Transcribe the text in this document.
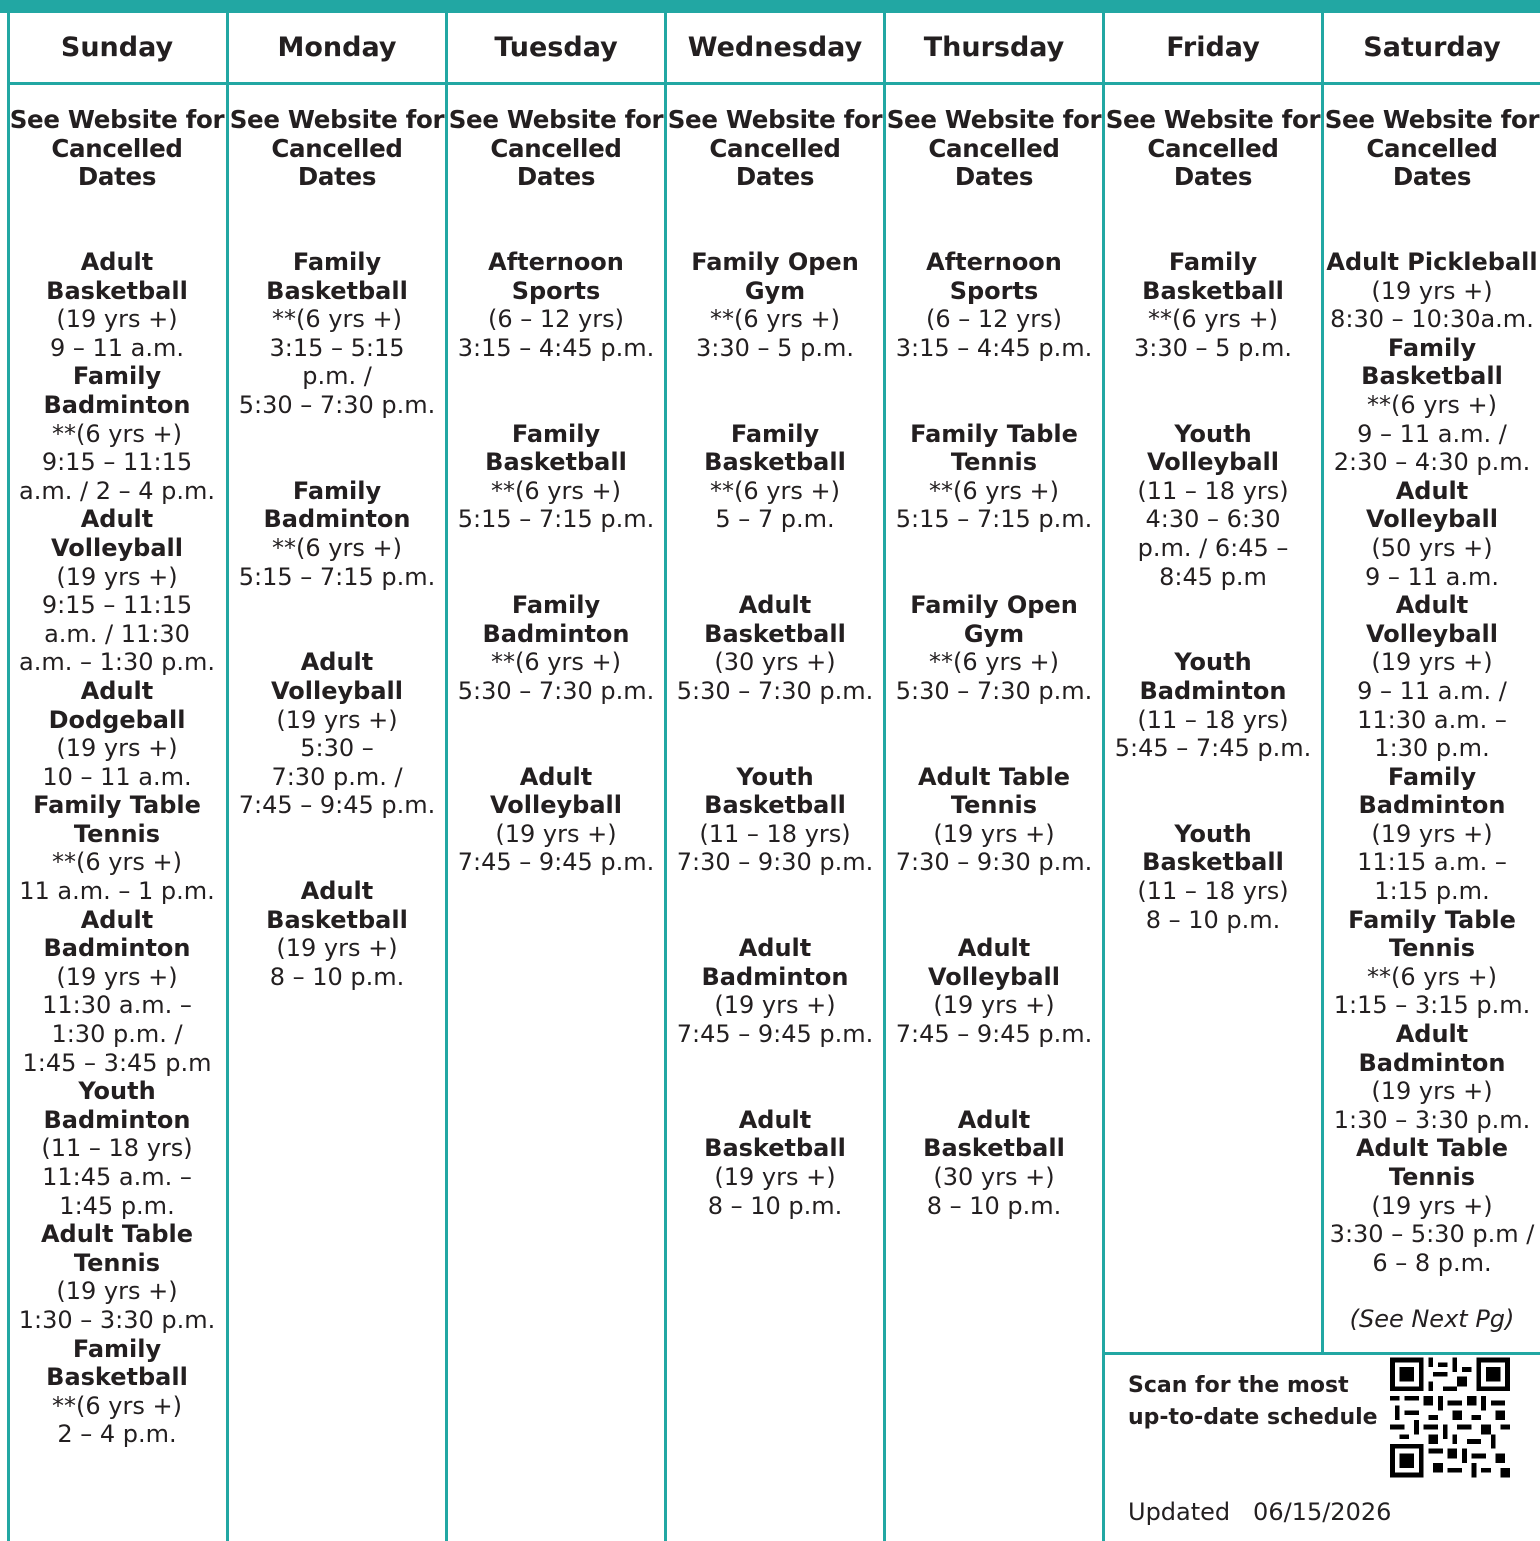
Sunday
See Website for
Cancelled
Dates
Adult
Basketball
(19 yrs +)
9 – 11 a.m.
Family
Badminton
**(6 yrs +)
9:15 – 11:15
a.m. / 2 – 4 p.m.
Adult
Volleyball
(19 yrs +)
9:15 – 11:15
a.m. / 11:30
a.m. – 1:30 p.m.
Adult
Dodgeball
(19 yrs +)
10 – 11 a.m.
Family Table
Tennis
**(6 yrs +)
11 a.m. – 1 p.m.
Adult
Badminton
(19 yrs +)
11:30 a.m. –
1:30 p.m. /
1:45 – 3:45 p.m
Youth
Badminton
(11 – 18 yrs)
11:45 a.m. –
1:45 p.m.
Adult Table
Tennis
(19 yrs +)
1:30 – 3:30 p.m.
Family
Basketball
**(6 yrs +)
2 – 4 p.m.
Monday
See Website for
Cancelled
Dates
Family
Basketball
**(6 yrs +)
3:15 – 5:15
p.m. /
5:30 – 7:30 p.m.
Family
Badminton
**(6 yrs +)
5:15 – 7:15 p.m.
Adult
Volleyball
(19 yrs +)
5:30 –
7:30 p.m. /
7:45 – 9:45 p.m.
Adult
Basketball
(19 yrs +)
8 – 10 p.m.
Tuesday
See Website for
Cancelled
Dates
Afternoon
Sports
(6 – 12 yrs)
3:15 – 4:45 p.m.
Family
Basketball
**(6 yrs +)
5:15 – 7:15 p.m.
Family
Badminton
**(6 yrs +)
5:30 – 7:30 p.m.
Adult
Volleyball
(19 yrs +)
7:45 – 9:45 p.m.
Wednesday
See Website for
Cancelled
Dates
Family Open
Gym
**(6 yrs +)
3:30 – 5 p.m.
Family
Basketball
**(6 yrs +)
5 – 7 p.m.
Adult
Basketball
(30 yrs +)
5:30 – 7:30 p.m.
Youth
Basketball
(11 – 18 yrs)
7:30 – 9:30 p.m.
Adult
Badminton
(19 yrs +)
7:45 – 9:45 p.m.
Adult
Basketball
(19 yrs +)
8 – 10 p.m.
Thursday
See Website for
Cancelled
Dates
Afternoon
Sports
(6 – 12 yrs)
3:15 – 4:45 p.m.
Family Table
Tennis
**(6 yrs +)
5:15 – 7:15 p.m.
Family Open
Gym
**(6 yrs +)
5:30 – 7:30 p.m.
Adult Table
Tennis
(19 yrs +)
7:30 – 9:30 p.m.
Adult
Volleyball
(19 yrs +)
7:45 – 9:45 p.m.
Adult
Basketball
(30 yrs +)
8 – 10 p.m.
Friday
See Website for
Cancelled
Dates
Family
Basketball
**(6 yrs +)
3:30 – 5 p.m.
Youth
Volleyball
(11 – 18 yrs)
4:30 – 6:30
p.m. / 6:45 –
8:45 p.m
Youth
Badminton
(11 – 18 yrs)
5:45 – 7:45 p.m.
Youth
Basketball
(11 – 18 yrs)
8 – 10 p.m.
Saturday
See Website for
Cancelled
Dates
Adult Pickleball
(19 yrs +)
8:30 – 10:30a.m.
Family
Basketball
**(6 yrs +)
9 – 11 a.m. /
2:30 – 4:30 p.m.
Adult
Volleyball
(50 yrs +)
9 – 11 a.m.
Adult
Volleyball
(19 yrs +)
9 – 11 a.m. /
11:30 a.m. –
1:30 p.m.
Family
Badminton
(19 yrs +)
11:15 a.m. –
1:15 p.m.
Family Table
Tennis
**(6 yrs +)
1:15 – 3:15 p.m.
Adult
Badminton
(19 yrs +)
1:30 – 3:30 p.m.
Adult Table
Tennis
(19 yrs +)
3:30 – 5:30 p.m /
6 – 8 p.m.
(See Next Pg)
Scan for the most up-to-date schedule
Updated 06/15/2026
